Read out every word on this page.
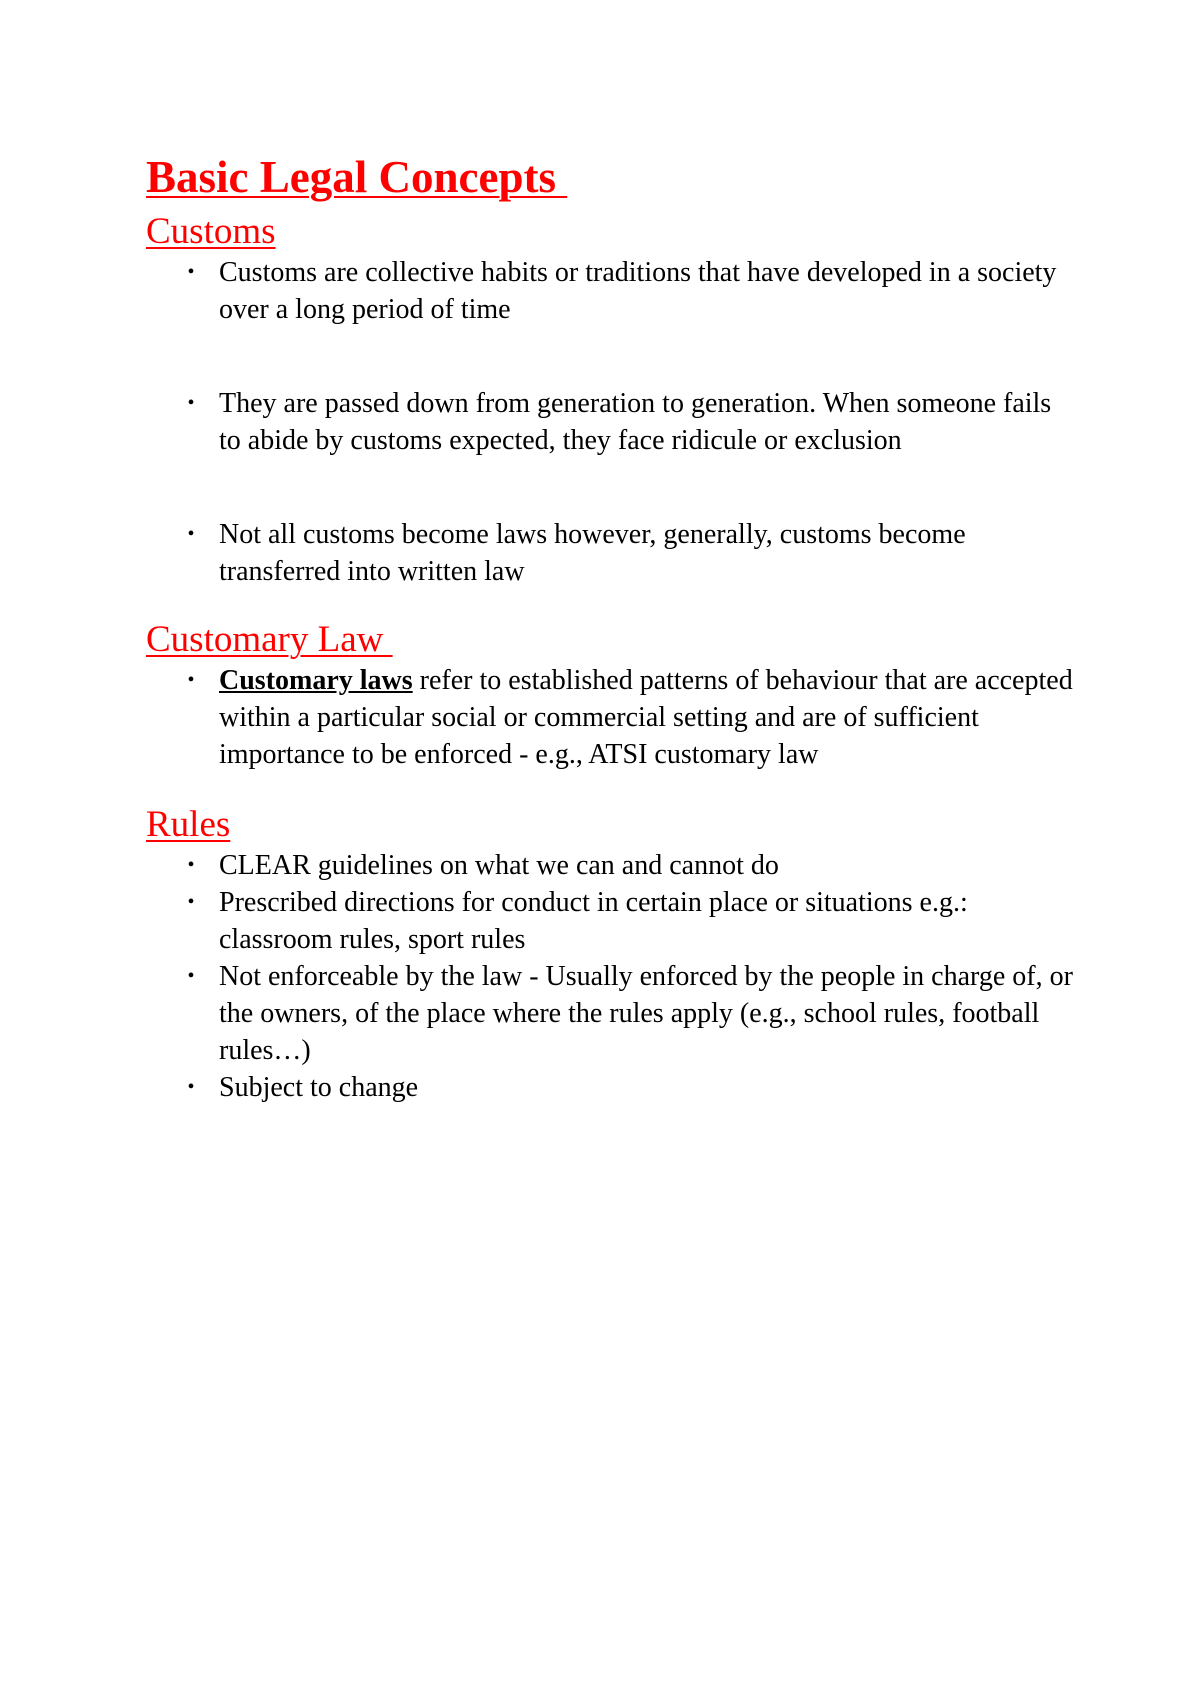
Basic Legal Concepts
Customs
• Customs are collective habits or traditions that have developed in a society over a long period of time
• They are passed down from generation to generation. When someone fails to abide by customs expected, they face ridicule or exclusion
• Not all customs become laws however, generally, customs become transferred into written law
Customary Law
• Customary laws refer to established patterns of behaviour that are accepted within a particular social or commercial setting and are of sufficient importance to be enforced - e.g., ATSI customary law
Rules
• CLEAR guidelines on what we can and cannot do
• Prescribed directions for conduct in certain place or situations e.g.: classroom rules, sport rules
• Not enforceable by the law - Usually enforced by the people in charge of, or the owners, of the place where the rules apply (e.g., school rules, football rules…)
• Subject to change
